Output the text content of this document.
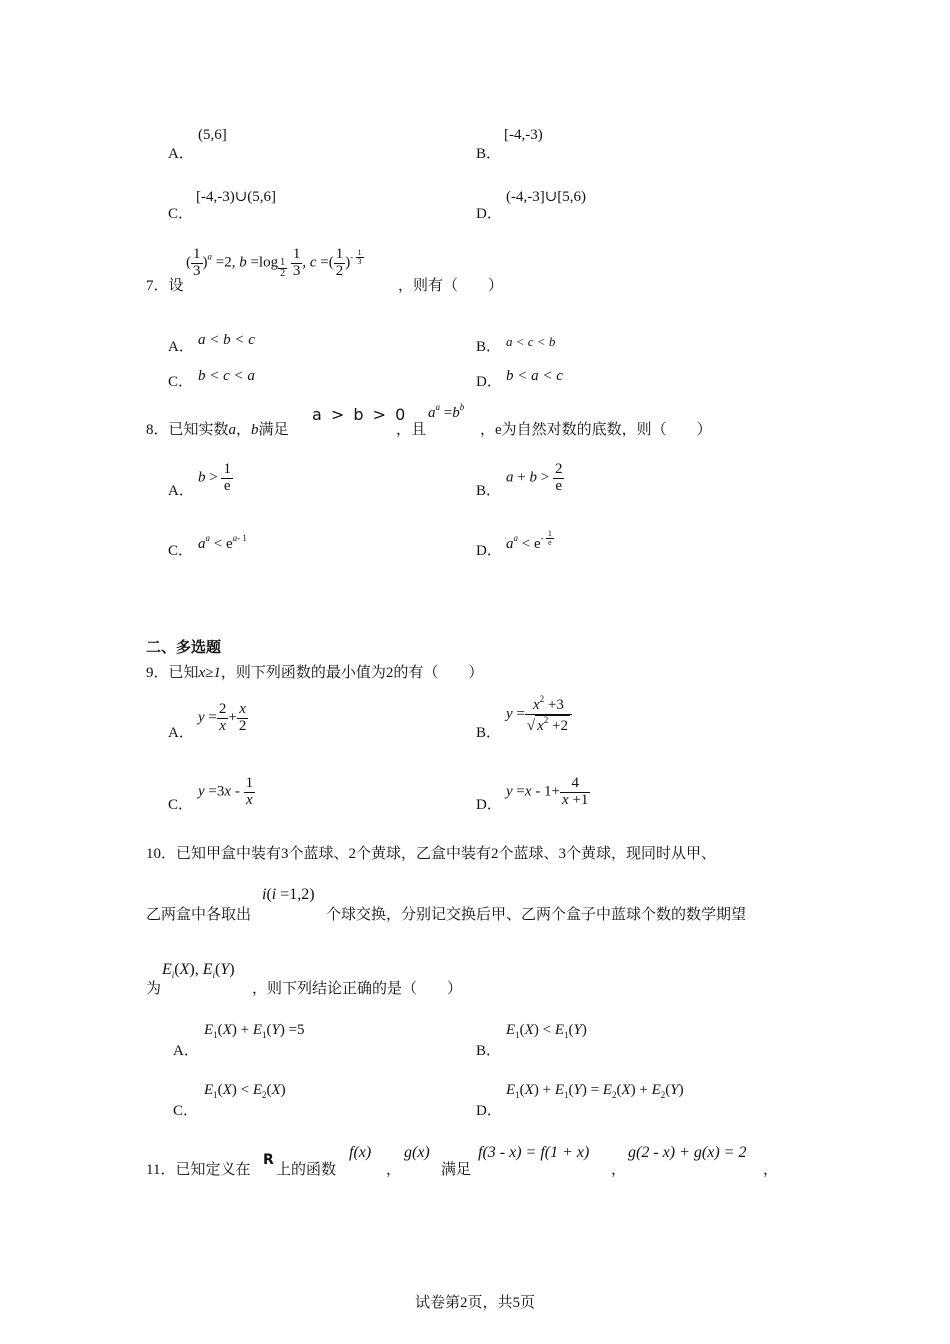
A．
(5,6]
B．
[-4,-3)
C．
[-4,-3)∪(5,6]
D．
(-4,-3]∪[5,6)
7．设
( $\frac{1}{3} )^a =2$, b =log $_{\frac{1}{2}}$
$\frac{1}{3}$ , c =( $\frac{1}{2} )^{- \frac{1}{3}}$
，则有（　　）
A． a < b < c	B． a < c < b
C． b < c < a	D． b < a < c
8．已知实数a，b满足
a > b > 0
，且
$a^a =b^b$
，e为自然对数的底数，则（　　）
A．
$b > \frac{1}{e}$	B．
$a + b > \frac{2}{e}$
C． $a^a < e^{a- 1}$
D． $a^a < e^{- \frac{1}{e}}$
二、多选题
9．已知x≥1，则下列函数的最小值为2的有（　　）
A．
$y = \frac{2}{x} + \frac{x}{2}$	B．
$y = \frac{x^2 +3}{√ x^2 +2}$
C．
$y =3x - \frac{1}{x}$	D．
$y =x - 1+ \frac{4}{x +1}$
10．已知甲盒中装有3个蓝球、2个黄球，乙盒中装有2个蓝球、3个黄球，现同时从甲、
乙两盒中各取出
i(i =1,2)
个球交换，分别记交换后甲、乙两个盒子中蓝球个数的数学期望
为
$E_i(X)$, $E_i(Y)$
，则下列结论正确的是（　　）
A．
$E_1(X) + E_1(Y) =5$
B．
$E_1(X) < E_1(Y)$
C．
$E_1(X) < E_2(X)$
D．
$E_1(X) + E_1(Y) = E_2(X) + E_2(Y)$
11．已知定义在
R
上的函数
f(x)
，
g(x)
满足
f(3 - x) = f(1 + x)
，
g(2 - x) + g(x) = 2
，
试卷第2页，共5页
